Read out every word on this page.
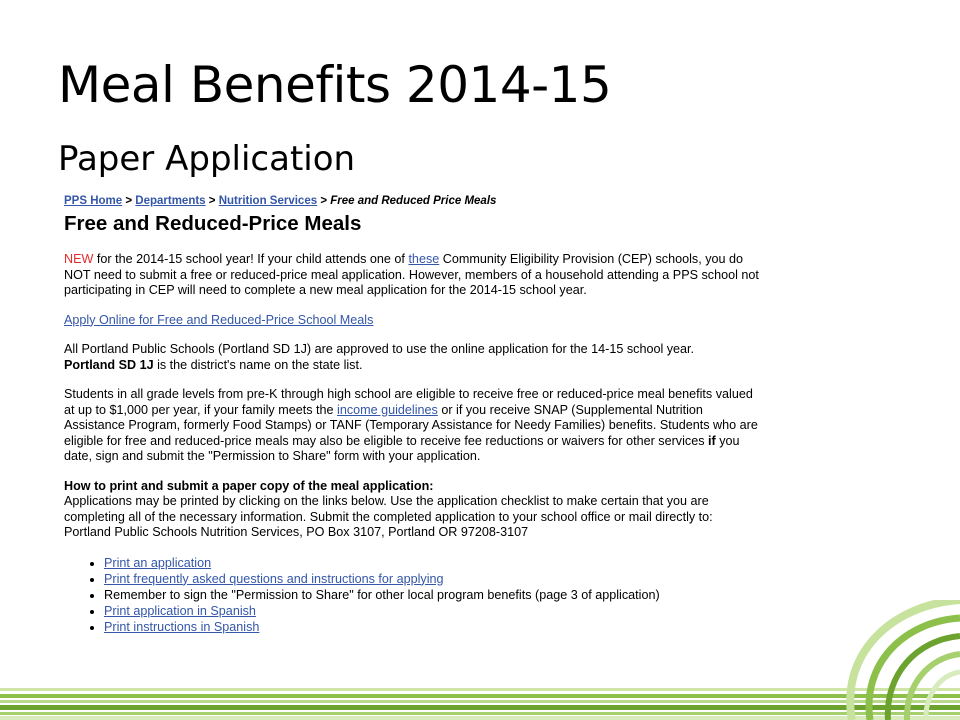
Meal Benefits 2014-15
Paper Application
PPS Home > Departments > Nutrition Services > Free and Reduced Price Meals
Free and Reduced-Price Meals

NEW for the 2014-15 school year! If your child attends one of these Community Eligibility Provision (CEP) schools, you do NOT need to submit a free or reduced-price meal application. However, members of a household attending a PPS school not participating in CEP will need to complete a new meal application for the 2014-15 school year.

Apply Online for Free and Reduced-Price School Meals

All Portland Public Schools (Portland SD 1J) are approved to use the online application for the 14-15 school year.
Portland SD 1J is the district's name on the state list.

Students in all grade levels from pre-K through high school are eligible to receive free or reduced-price meal benefits valued at up to $1,000 per year, if your family meets the income guidelines or if you receive SNAP (Supplemental Nutrition Assistance Program, formerly Food Stamps) or TANF (Temporary Assistance for Needy Families) benefits. Students who are eligible for free and reduced-price meals may also be eligible to receive fee reductions or waivers for other services if you date, sign and submit the "Permission to Share" form with your application.

How to print and submit a paper copy of the meal application:
Applications may be printed by clicking on the links below. Use the application checklist to make certain that you are completing all of the necessary information. Submit the completed application to your school office or mail directly to: Portland Public Schools Nutrition Services, PO Box 3107, Portland OR 97208-3107

• Print an application
• Print frequently asked questions and instructions for applying
• Remember to sign the "Permission to Share" for other local program benefits (page 3 of application)
• Print application in Spanish
• Print instructions in Spanish
